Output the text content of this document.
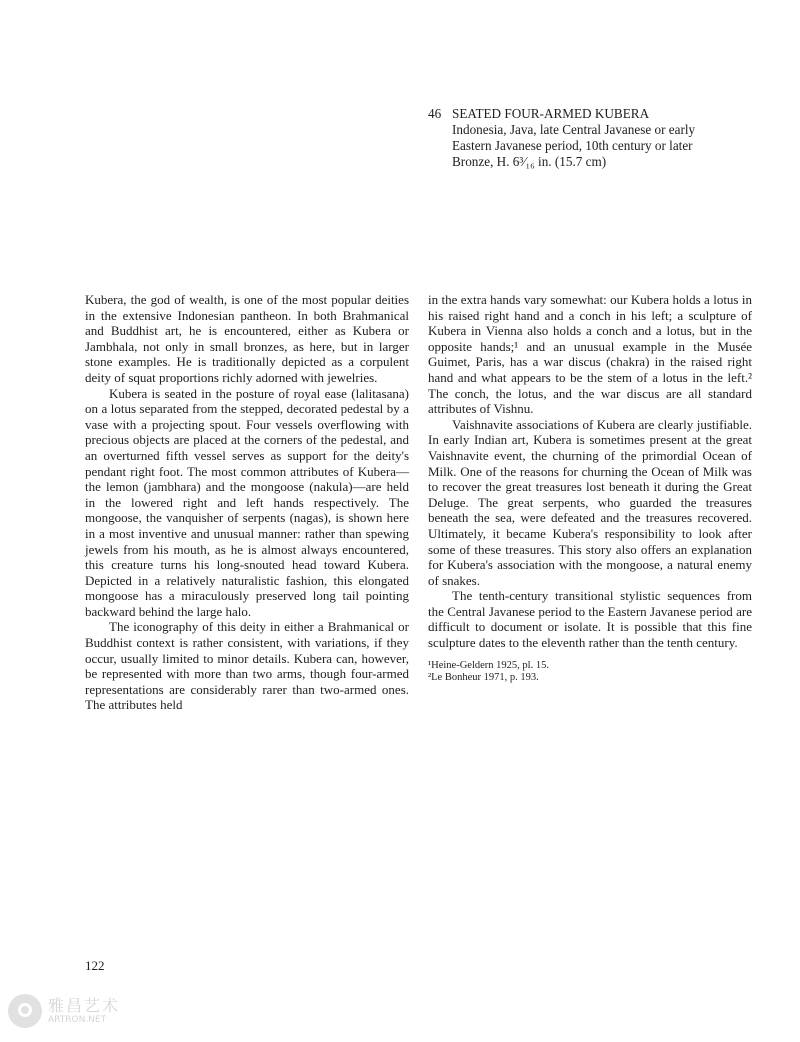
46 SEATED FOUR-ARMED KUBERA
Indonesia, Java, late Central Javanese or early
Eastern Javanese period, 10th century or later
Bronze, H. 6³⁄₁₆ in. (15.7 cm)

Kubera, the god of wealth, is one of the most popular deities in the extensive Indonesian pantheon. In both Brahmanical and Buddhist art, he is encountered, either as Kubera or Jambhala, not only in small bronzes, as here, but in larger stone examples. He is traditionally depicted as a corpulent deity of squat proportions richly adorned with jewelries.

Kubera is seated in the posture of royal ease (lalitasana) on a lotus separated from the stepped, decorated pedestal by a vase with a projecting spout. Four vessels overflowing with precious objects are placed at the corners of the pedestal, and an overturned fifth vessel serves as support for the deity's pendant right foot. The most common attributes of Kubera—the lemon (jambhara) and the mongoose (nakula)—are held in the lowered right and left hands respectively. The mongoose, the vanquisher of serpents (nagas), is shown here in a most inventive and unusual manner: rather than spewing jewels from his mouth, as he is almost always encountered, this creature turns his long-snouted head toward Kubera. Depicted in a relatively naturalistic fashion, this elongated mongoose has a miraculously preserved long tail pointing backward behind the large halo.

The iconography of this deity in either a Brahmanical or Buddhist context is rather consistent, with variations, if they occur, usually limited to minor details. Kubera can, however, be represented with more than two arms, though four-armed representations are considerably rarer than two-armed ones. The attributes held

in the extra hands vary somewhat: our Kubera holds a lotus in his raised right hand and a conch in his left; a sculpture of Kubera in Vienna also holds a conch and a lotus, but in the opposite hands;¹ and an unusual example in the Musée Guimet, Paris, has a war discus (chakra) in the raised right hand and what appears to be the stem of a lotus in the left.² The conch, the lotus, and the war discus are all standard attributes of Vishnu.

Vaishnavite associations of Kubera are clearly justifiable. In early Indian art, Kubera is sometimes present at the great Vaishnavite event, the churning of the primordial Ocean of Milk. One of the reasons for churning the Ocean of Milk was to recover the great treasures lost beneath it during the Great Deluge. The great serpents, who guarded the treasures beneath the sea, were defeated and the treasures recovered. Ultimately, it became Kubera's responsibility to look after some of these treasures. This story also offers an explanation for Kubera's association with the mongoose, a natural enemy of snakes.

The tenth-century transitional stylistic sequences from the Central Javanese period to the Eastern Javanese period are difficult to document or isolate. It is possible that this fine sculpture dates to the eleventh rather than the tenth century.

¹Heine-Geldern 1925, pl. 15.
²Le Bonheur 1971, p. 193.
122
雅昌艺术
ARTRON.NET
